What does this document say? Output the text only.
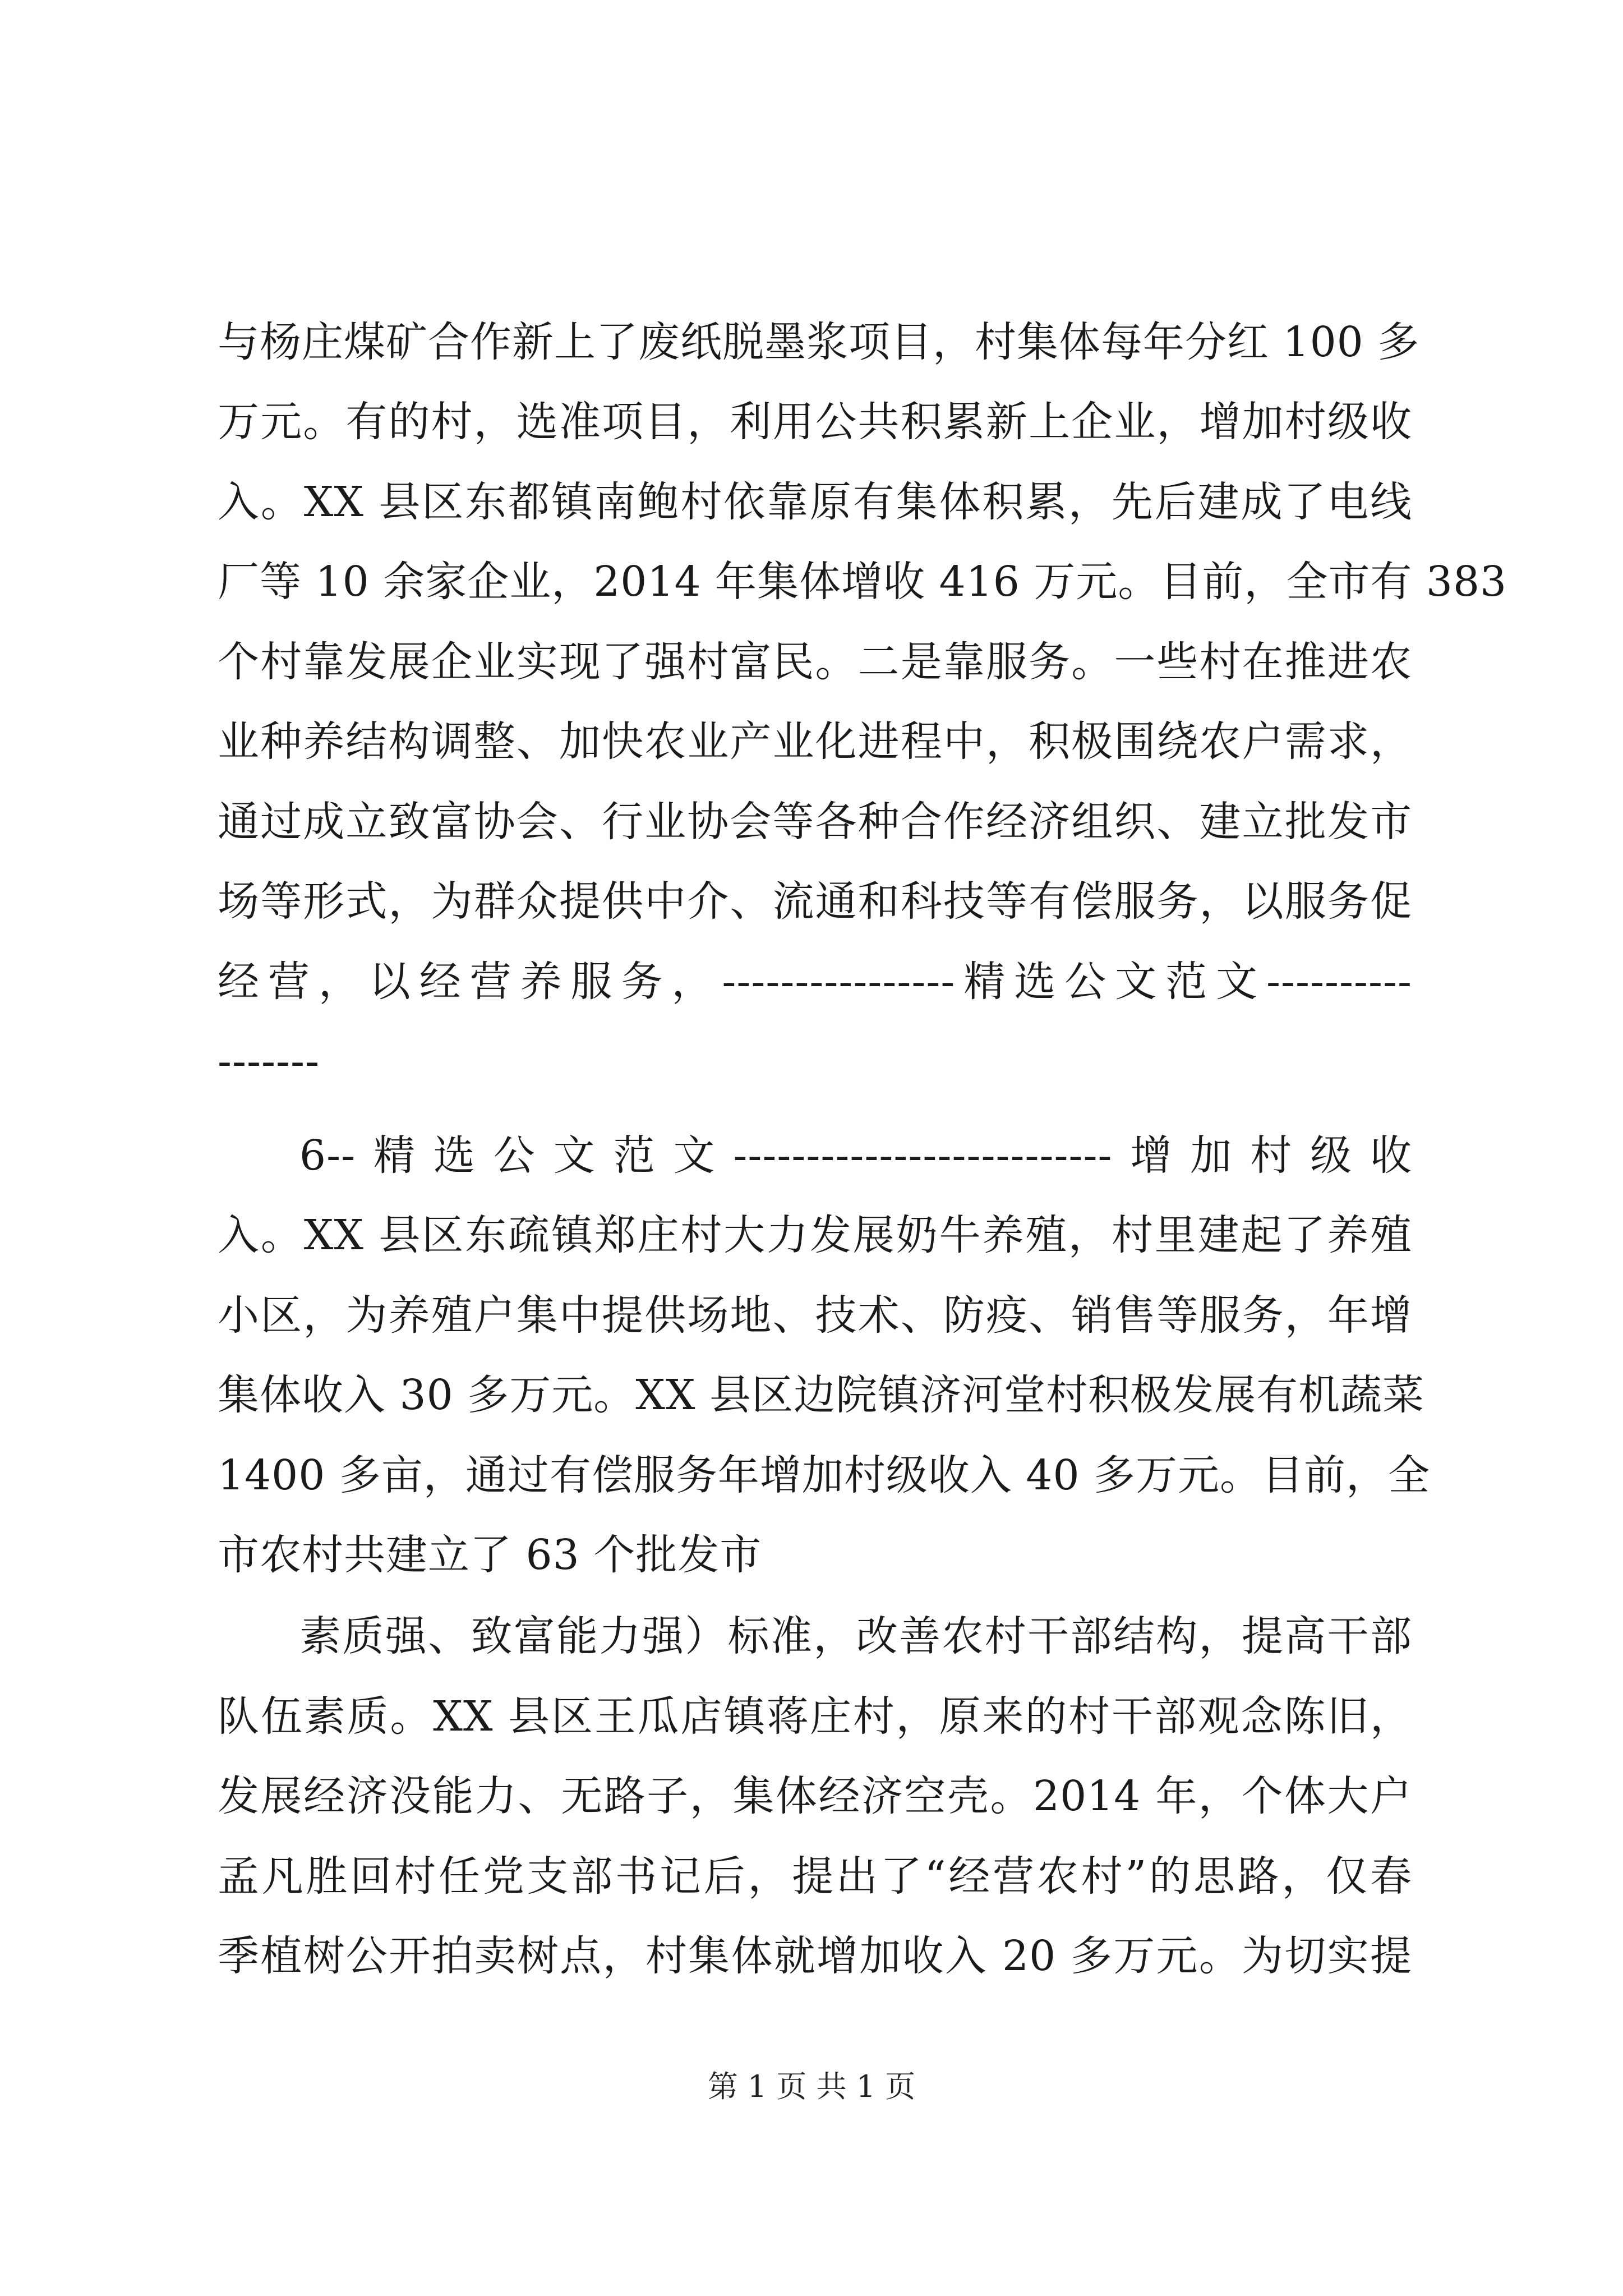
与杨庄煤矿合作新上了废纸脱墨浆项目，村集体每年分红 100 多
万元。有的村，选准项目，利用公共积累新上企业，增加村级收
入。XX 县区东都镇南鲍村依靠原有集体积累，先后建成了电线
厂等 10 余家企业，2014 年集体增收 416 万元。目前，全市有 383
个村靠发展企业实现了强村富民。二是靠服务。一些村在推进农
业种养结构调整、加快农业产业化进程中，积极围绕农户需求，
通过成立致富协会、行业协会等各种合作经济组织、建立批发市
场等形式，为群众提供中介、流通和科技等有偿服务，以服务促
经营，以经营养服务，----------------精选公文范文----------
-------
6--精选公文范文--------------------------增加村级收
入。XX 县区东疏镇郑庄村大力发展奶牛养殖，村里建起了养殖
小区，为养殖户集中提供场地、技术、防疫、销售等服务，年增
集体收入 30 多万元。XX 县区边院镇济河堂村积极发展有机蔬菜
1400 多亩，通过有偿服务年增加村级收入 40 多万元。目前，全
市农村共建立了 63 个批发市
素质强、致富能力强）标准，改善农村干部结构，提高干部
队伍素质。XX 县区王瓜店镇蒋庄村，原来的村干部观念陈旧，
发展经济没能力、无路子，集体经济空壳。2014 年，个体大户
孟凡胜回村任党支部书记后，提出了“经营农村”的思路，仅春
季植树公开拍卖树点，村集体就增加收入 20 多万元。为切实提
第 1 页 共 1 页
